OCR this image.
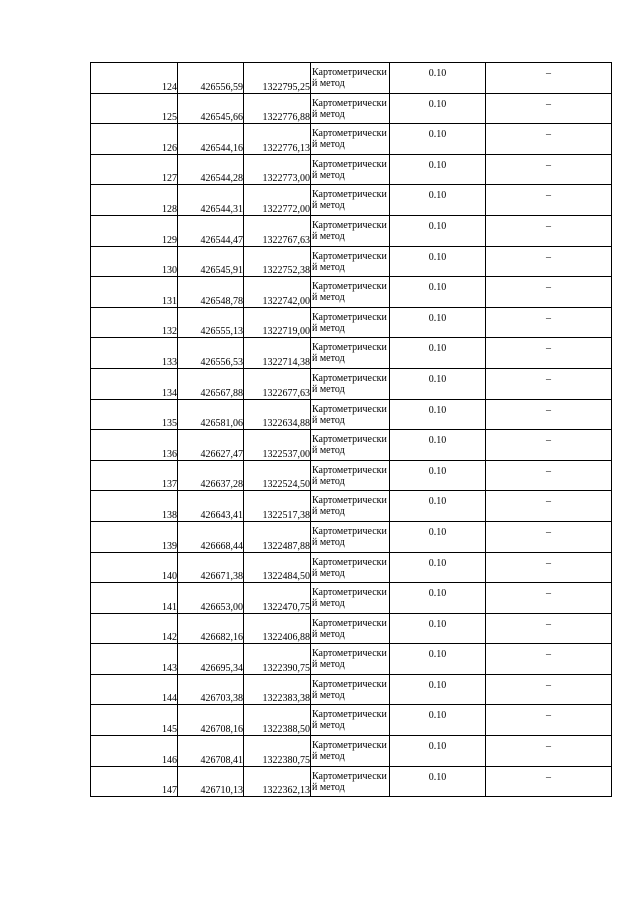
124	426556,59	1322795,25	Картометрический метод	0.10	–
125	426545,66	1322776,88	Картометрический метод	0.10	–
126	426544,16	1322776,13	Картометрический метод	0.10	–
127	426544,28	1322773,00	Картометрический метод	0.10	–
128	426544,31	1322772,00	Картометрический метод	0.10	–
129	426544,47	1322767,63	Картометрический метод	0.10	–
130	426545,91	1322752,38	Картометрический метод	0.10	–
131	426548,78	1322742,00	Картометрический метод	0.10	–
132	426555,13	1322719,00	Картометрический метод	0.10	–
133	426556,53	1322714,38	Картометрический метод	0.10	–
134	426567,88	1322677,63	Картометрический метод	0.10	–
135	426581,06	1322634,88	Картометрический метод	0.10	–
136	426627,47	1322537,00	Картометрический метод	0.10	–
137	426637,28	1322524,50	Картометрический метод	0.10	–
138	426643,41	1322517,38	Картометрический метод	0.10	–
139	426668,44	1322487,88	Картометрический метод	0.10	–
140	426671,38	1322484,50	Картометрический метод	0.10	–
141	426653,00	1322470,75	Картометрический метод	0.10	–
142	426682,16	1322406,88	Картометрический метод	0.10	–
143	426695,34	1322390,75	Картометрический метод	0.10	–
144	426703,38	1322383,38	Картометрический метод	0.10	–
145	426708,16	1322388,50	Картометрический метод	0.10	–
146	426708,41	1322380,75	Картометрический метод	0.10	–
147	426710,13	1322362,13	Картометрический метод	0.10	–
